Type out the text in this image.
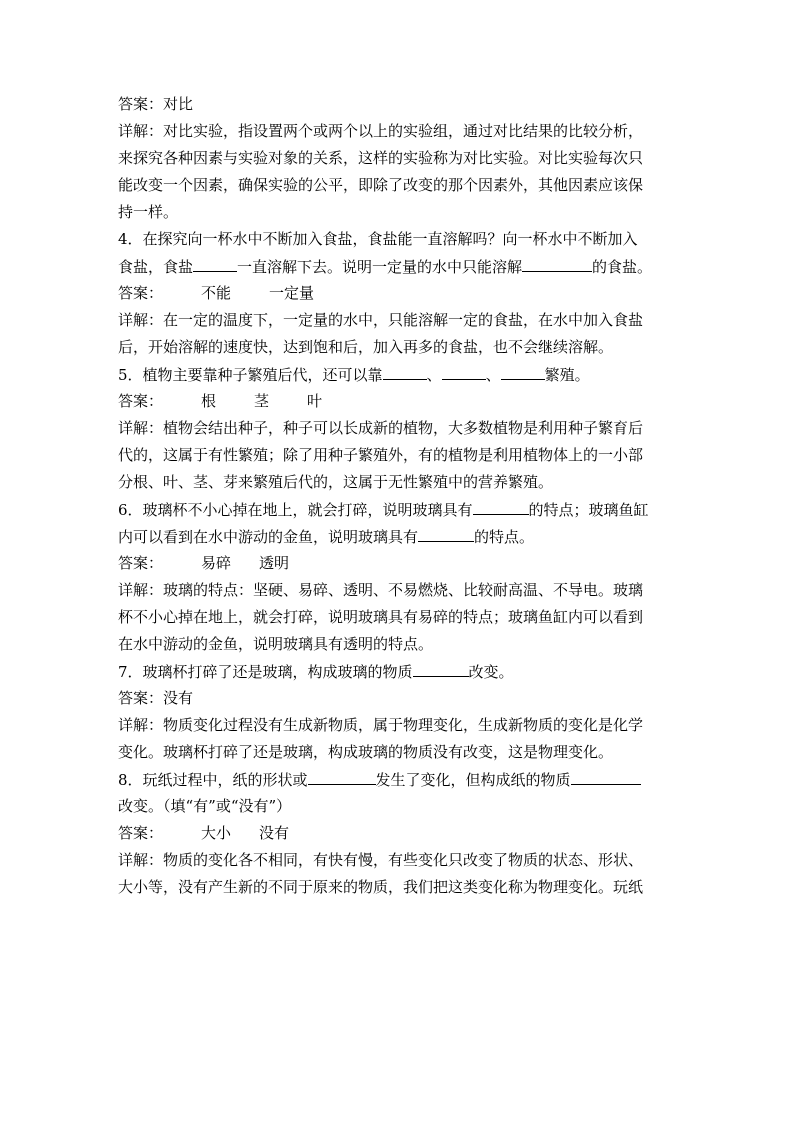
答案：对比
详解：对比实验，指设置两个或两个以上的实验组，通过对比结果的比较分析，
来探究各种因素与实验对象的关系，这样的实验称为对比实验。对比实验每次只
能改变一个因素，确保实验的公平，即除了改变的那个因素外，其他因素应该保
持一样。
4．在探究向一杯水中不断加入食盐，食盐能一直溶解吗？向一杯水中不断加入
食盐，食盐	一直溶解下去。说明一定量的水中只能溶解	的食盐。
答案：	不能	一定量
详解：在一定的温度下，一定量的水中，只能溶解一定的食盐，在水中加入食盐
后，开始溶解的速度快，达到饱和后，加入再多的食盐，也不会继续溶解。
5．植物主要靠种子繁殖后代，还可以靠	、	、	繁殖。
答案：	根	茎	叶
详解：植物会结出种子，种子可以长成新的植物，大多数植物是利用种子繁育后
代的，这属于有性繁殖；除了用种子繁殖外，有的植物是利用植物体上的一小部
分根、叶、茎、芽来繁殖后代的，这属于无性繁殖中的营养繁殖。
6．玻璃杯不小心掉在地上，就会打碎，说明玻璃具有	的特点；玻璃鱼缸
内可以看到在水中游动的金鱼，说明玻璃具有	的特点。
答案：	易碎 透明
详解：玻璃的特点：坚硬、易碎、透明、不易燃烧、比较耐高温、不导电。玻璃
杯不小心掉在地上，就会打碎，说明玻璃具有易碎的特点；玻璃鱼缸内可以看到
在水中游动的金鱼，说明玻璃具有透明的特点。
7．玻璃杯打碎了还是玻璃，构成玻璃的物质	改变。
答案：没有
详解：物质变化过程没有生成新物质，属于物理变化，生成新物质的变化是化学
变化。玻璃杯打碎了还是玻璃，构成玻璃的物质没有改变，这是物理变化。
8．玩纸过程中，纸的形状或	发生了变化，但构成纸的物质
改变。（填“有”或“没有”）
答案：	大小 没有
详解：物质的变化各不相同，有快有慢，有些变化只改变了物质的状态、形状、
大小等，没有产生新的不同于原来的物质，我们把这类变化称为物理变化。玩纸
